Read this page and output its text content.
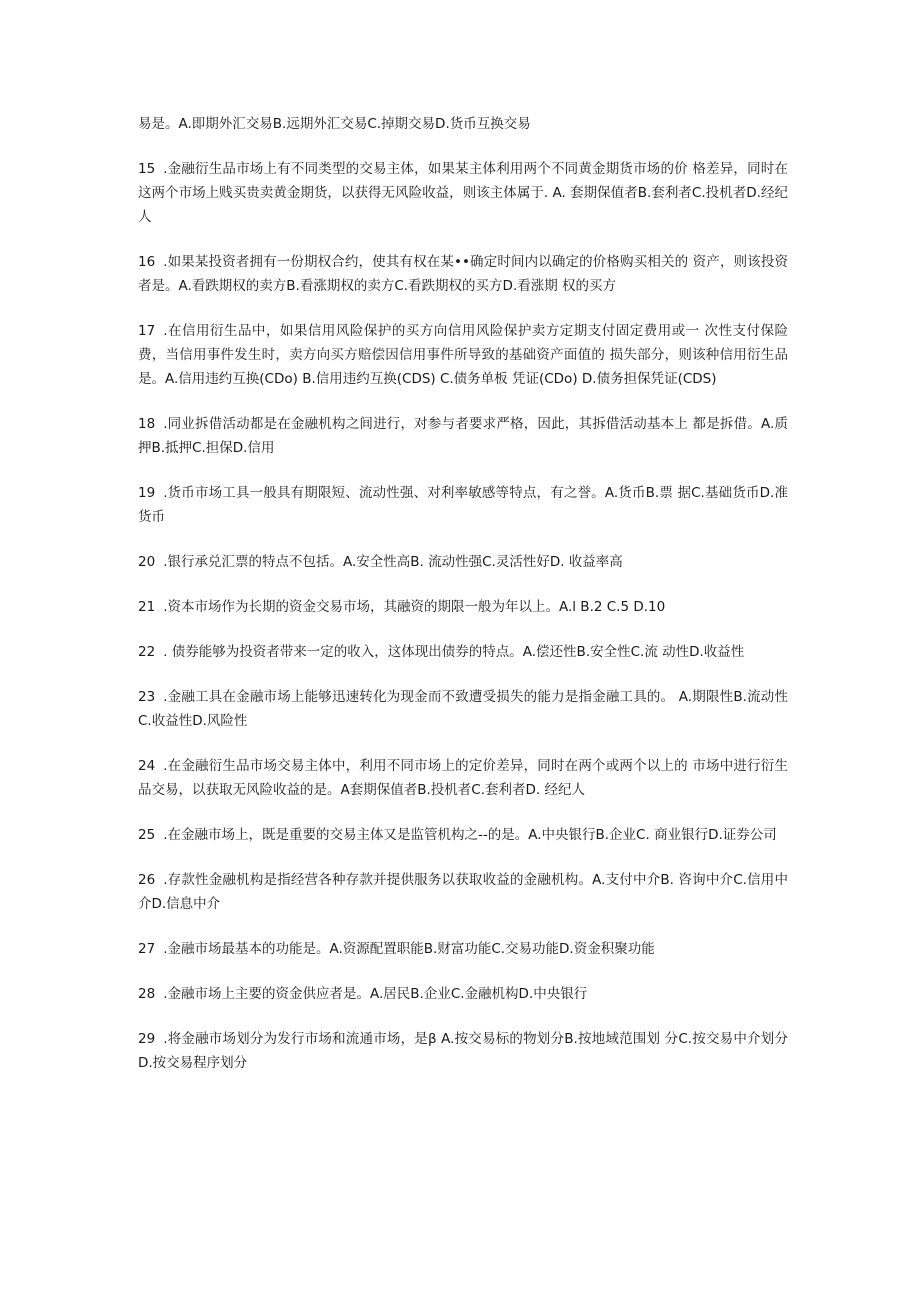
易是。A.即期外汇交易B.远期外汇交易C.掉期交易D.货币互换交易

15 .金融衍生品市场上有不同类型的交易主体，如果某主体利用两个不同黄金期货市场的价 格差异，同时在这两个市场上贱买贵卖黄金期货，以获得无风险收益，则该主体属于. A. 套期保值者B.套利者C.投机者D.经纪人

16 .如果某投资者拥有一份期权合约，使其有权在某••确定时间内以确定的价格购买相关的 资产，则该投资者是。A.看跌期权的卖方B.看涨期权的卖方C.看跌期权的买方D.看涨期 权的买方

17 .在信用衍生品中，如果信用风险保护的买方向信用风险保护卖方定期支付固定费用或一 次性支付保险费，当信用事件发生时，卖方向买方赔偿因信用事件所导致的基础资产面值的 损失部分，则该种信用衍生品是。A.信用违约互换(CDo) B.信用违约互换(CDS) C.债务单板 凭证(CDo) D.债务担保凭证(CDS)

18 .同业拆借活动都是在金融机构之间进行，对参与者要求严格，因此，其拆借活动基本上 都是拆借。A.质押B.抵押C.担保D.信用

19 .货币市场工具一般具有期限短、流动性强、对利率敏感等特点，有之誉。A.货币B.票 据C.基础货币D.准货币

20 .银行承兑汇票的特点不包括。A.安全性高B. 流动性强C.灵活性好D. 收益率高

21 .资本市场作为长期的资金交易市场，其融资的期限一般为年以上。A.l B.2 C.5 D.10

22 . 债券能够为投资者带来一定的收入，这体现出债券的特点。A.偿还性B.安全性C.流 动性D.收益性

23 .金融工具在金融市场上能够迅速转化为现金而不致遭受损失的能力是指金融工具的。 A.期限性B.流动性C.收益性D.风险性

24 .在金融衍生品市场交易主体中，利用不同市场上的定价差异，同时在两个或两个以上的 市场中进行衍生品交易，以获取无风险收益的是。A套期保值者B.投机者C.套利者D. 经纪人

25 .在金融市场上，既是重要的交易主体又是监管机构之--的是。A.中央银行B.企业C. 商业银行D.证券公司

26 .存款性金融机构是指经营各种存款并提供服务以获取收益的金融机构。A.支付中介B. 咨询中介C.信用中介D.信息中介

27 .金融市场最基本的功能是。A.资源配置职能B.财富功能C.交易功能D.资金积聚功能

28 .金融市场上主要的资金供应者是。A.居民B.企业C.金融机构D.中央银行

29 .将金融市场划分为发行市场和流通市场，是β A.按交易标的物划分B.按地域范围划 分C.按交易中介划分D.按交易程序划分
